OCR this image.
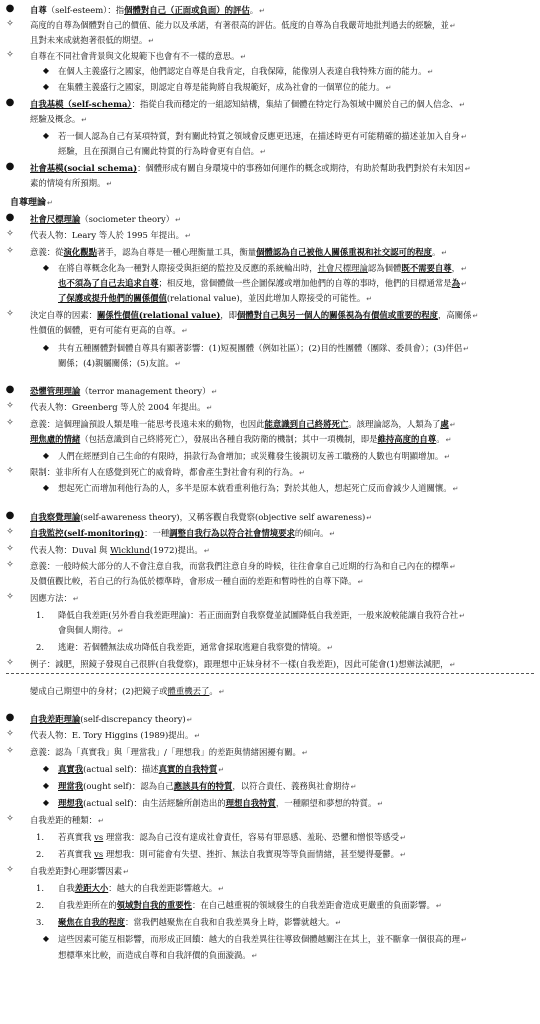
自尊（self-esteem）：指個體對自己（正面或負面）的評估。↵
●
高度的自尊為個體對自己的價值、能力以及承諾，有著很高的評估。低度的自尊為自我嚴苛地批判過去的經驗，並↵
✧
且對未來成就抱著很低的期望。↵
自尊在不同社會背景與文化規範下也會有不一樣的意思。↵
✧
在個人主義盛行之國家，他們認定自尊是自我肯定，自我保障，能像別人表達自我特殊方面的能力。↵
◆
在集體主義盛行之國家，則認定自尊是能夠將自我規範好，成為社會的一個單位的能力。↵
◆
自我基模（self-schema）：指從自我而穩定的一組認知結構，集結了個體在特定行為領域中關於自己的個人信念、↵
●
經驗及概念。↵
若一個人認為自己有某項特質，對有關此特質之領域會反應更迅速，在描述時更有可能精確的描述並加入自身↵
◆
經驗，且在預測自己有關此特質的行為時會更有自信。↵
社會基模(social schema)：個體形成有關自身環境中的事務如何運作的概念或期待，有助於幫助我們對於有未知因↵
●
素的情境有所預期。↵
自尊理論↵
社會尺標理論（sociometer theory）↵
●
代表人物：Leary 等人於 1995 年提出。↵
✧
意義：從演化觀點著手，認為自尊是一種心理衡量工具，衡量個體認為自己被他人關係重視和社交認可的程度。↵
✧
在將自尊概念化為一種對人際接受與拒絕的監控及反應的系統輪出時，社會尺標理論認為個體既不需要自尊，↵
◆
也不須為了自己去追求自尊；相反地，當個體做一些企圖保護或增加他們的自尊的事時，他們的目標通常是為↵
了保護或提升他們的關係價值(relational value)，並因此增加人際接受的可能性。↵
決定自尊的因素：關係性價值(relational value)，即個體對自己與另一個人的關係視為有價值或重要的程度，高關係↵
✧
性價值的個體，更有可能有更高的自尊。↵
共有五種團體對個體自尊具有顯著影響：(1)短視團體（例如社區）；(2)目的性團體（團隊、委員會）；(3)伴侶↵
◆
關係；(4)親屬關係；(5)友誼。↵
恐懼管理理論（terror management theory）↵
●
代表人物：Greenberg 等人於 2004 年提出。↵
✧
意義：這個理論預設人類是唯一能思考長遠未來的動物，也因此能意識到自己終將死亡。該理論認為，人類為了處↵
✧
理焦慮的情緒（包括意識到自己終將死亡），發展出各種自我防衛的機制；其中一項機制，即是維持高度的自尊。↵
人們在經歷到自己生命的有限時，捐款行為會增加；或災難發生後親切友善工職務的人數也有明顯增加。↵
◆
限制：並非所有人在感覺到死亡的威脅時，都會產生對社會有利的行為。↵
✧
想起死亡而增加利他行為的人，多半是原本就看重利他行為；對於其他人，想起死亡反而會減少人道關懷。↵
◆
自我察覺理論(self-awareness theory)，又稱客觀自我覺察(objective self awareness)↵
●
自我監控(self-monitoring)：一種調整自我行為以符合社會情境要求的傾向。↵
✧
代表人物：Duval 與 Wicklund(1972)提出。↵
✧
意義：一般時候大部分的人不會注意自我，而當我們注意自身的時候，往往會拿自己近期的行為和自己內在的標準↵
✧
及價值觀比較，若自己的行為低於標準時，會形成一種自面的差距和暫時性的自尊下降。↵
因應方法：↵
✧
降低自我差距(另外看自我差距理論)：若正面面對自我察覺並試圖降低自我差距，一般來說較能讓自我符合社↵
1.
會與個人期待。↵
逃避：若個體無法成功降低自我差距，通常會採取逃避自我察覺的情境。↵
2.
例子：減肥，照鏡子發現自己很胖(自我覺察)，跟理想中正妹身材不一樣(自我差距)，因此可能會(1)想辦法減肥，↵
✧
變成自己期望中的身材；(2)把鏡子或體重機丟了。↵
自我差距理論(self-discrepancy theory)↵
●
代表人物：E. Tory Higgins (1989)提出。↵
✧
意義：認為「真實我」與「理當我」/「理想我」的差距與情緒困擾有關。↵
✧
真實我(actual self)：描述真實的自我特質↵
◆
理當我(ought self)：認為自己應該具有的特質，以符合責任、義務與社會期待↵
◆
理想我(actual self)：由生活經驗所創造出的理想自我特質，一種願望和夢想的特質。↵
◆
自我差距的種類：↵
✧
若真實我 vs 理當我：認為自己沒有達成社會責任，容易有罪惡感、羞恥、恐懼和憎恨等感受↵
1.
若真實我 vs 理想我：則可能會有失望、挫折、無法自我實現等等負面情緒，甚至變得憂鬱。↵
2.
自我差距對心理影響因素↵
✧
自我差距大小：越大的自我差距影響越大。↵
1.
自我差距所在的領域對自我的重要性：在自己越重視的領域發生的自我差距會造成更嚴重的負面影響。↵
2.
聚焦在自我的程度：當我們越聚焦在自我和自我差異身上時，影響就越大。↵
3.
這些因素可能互相影響，而形成正回饋：越大的自我差異往往導致個體越關注在其上，並不斷拿一個很高的理↵
◆
想標準來比較，而造成自尊和自我評價的負面漩渦。↵
